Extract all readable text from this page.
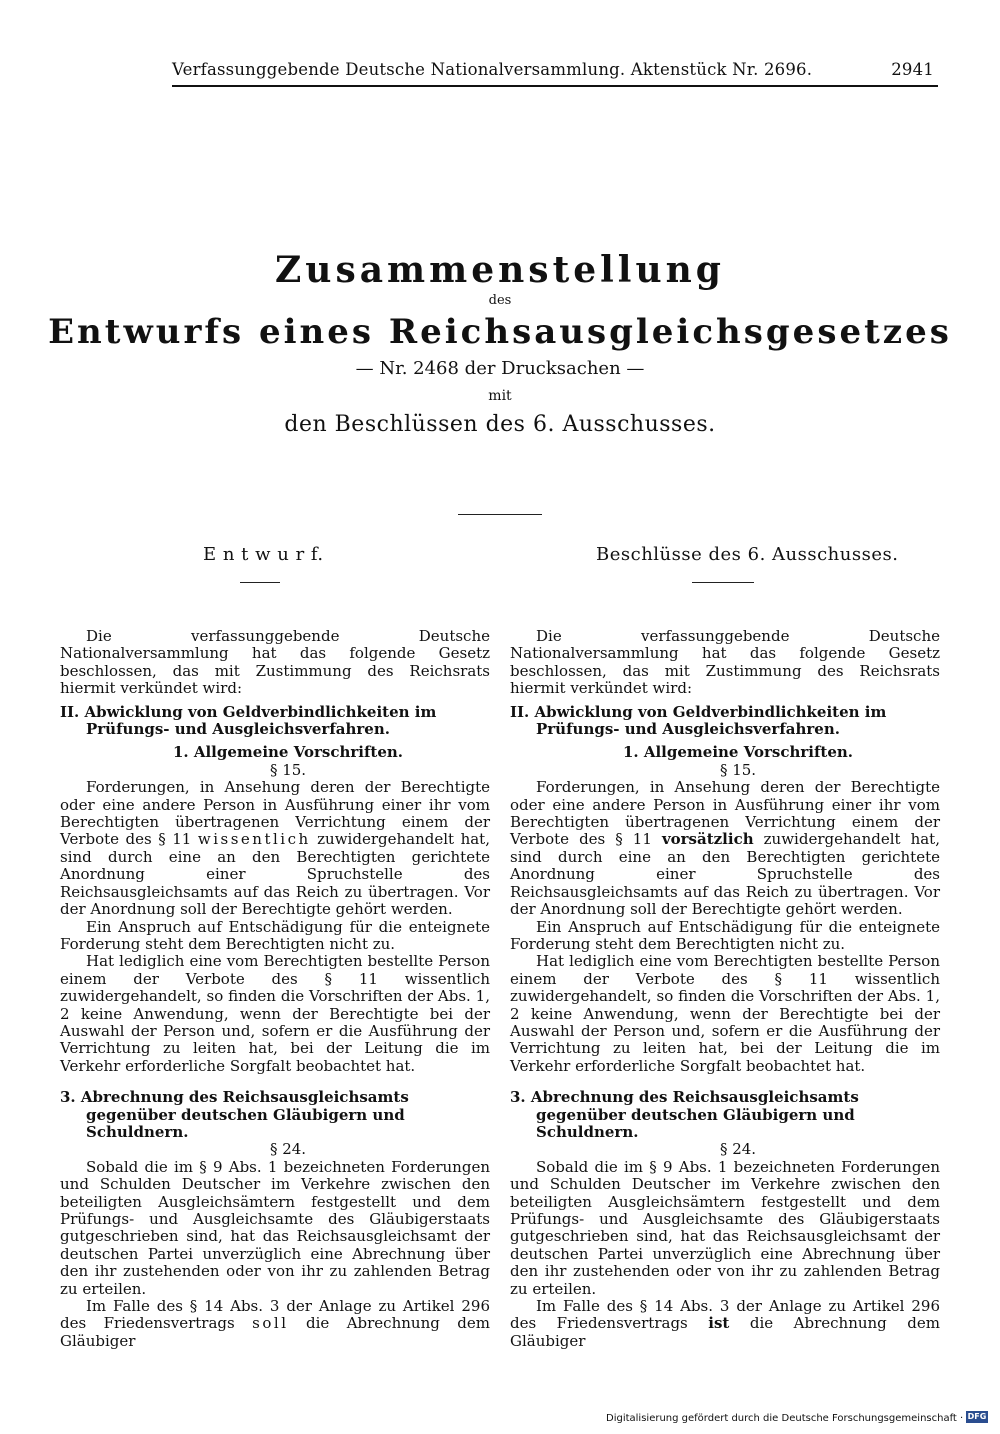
Verfassunggebende Deutsche Nationalversammlung. Aktenstück Nr. 2696.	2941
Zusammenstellung
des
Entwurfs eines Reichsausgleichsgesetzes
— Nr. 2468 der Drucksachen —
mit
den Beschlüssen des 6. Ausschusses.
E n t w u r f.	Beschlüsse des 6. Ausschusses.

Die verfassunggebende Deutsche Nationalversammlung hat das folgende Gesetz beschlossen, das mit Zustimmung des Reichsrats hiermit verkündet wird:

II. Abwicklung von Geldverbindlichkeiten im Prüfungs- und Ausgleichsverfahren.

1. Allgemeine Vorschriften.

§ 15.

Forderungen, in Ansehung deren der Berechtigte oder eine andere Person in Ausführung einer ihr vom Berechtigten übertragenen Verrichtung einem der Verbote des § 11 wissentlich zuwidergehandelt hat, sind durch eine an den Berechtigten gerichtete Anordnung einer Spruchstelle des Reichsausgleichsamts auf das Reich zu übertragen. Vor der Anordnung soll der Berechtigte gehört werden.

Ein Anspruch auf Entschädigung für die enteignete Forderung steht dem Berechtigten nicht zu.

Hat lediglich eine vom Berechtigten bestellte Person einem der Verbote des § 11 wissentlich zuwidergehandelt, so finden die Vorschriften der Abs. 1, 2 keine Anwendung, wenn der Berechtigte bei der Auswahl der Person und, sofern er die Ausführung der Verrichtung zu leiten hat, bei der Leitung die im Verkehr erforderliche Sorgfalt beobachtet hat.

3. Abrechnung des Reichsausgleichsamts gegenüber deutschen Gläubigern und Schuldnern.

§ 24.

Sobald die im § 9 Abs. 1 bezeichneten Forderungen und Schulden Deutscher im Verkehre zwischen den beteiligten Ausgleichsämtern festgestellt und dem Prüfungs- und Ausgleichsamte des Gläubigerstaats gutgeschrieben sind, hat das Reichsausgleichsamt der deutschen Partei unverzüglich eine Abrechnung über den ihr zustehenden oder von ihr zu zahlenden Betrag zu erteilen.

Im Falle des § 14 Abs. 3 der Anlage zu Artikel 296 des Friedensvertrags soll die Abrechnung dem Gläubiger

Die verfassunggebende Deutsche Nationalversammlung hat das folgende Gesetz beschlossen, das mit Zustimmung des Reichsrats hiermit verkündet wird:

II. Abwicklung von Geldverbindlichkeiten im Prüfungs- und Ausgleichsverfahren.

1. Allgemeine Vorschriften.

§ 15.

Forderungen, in Ansehung deren der Berechtigte oder eine andere Person in Ausführung einer ihr vom Berechtigten übertragenen Verrichtung einem der Verbote des § 11 vorsätzlich zuwidergehandelt hat, sind durch eine an den Berechtigten gerichtete Anordnung einer Spruchstelle des Reichsausgleichsamts auf das Reich zu übertragen. Vor der Anordnung soll der Berechtigte gehört werden.

Ein Anspruch auf Entschädigung für die enteignete Forderung steht dem Berechtigten nicht zu.

Hat lediglich eine vom Berechtigten bestellte Person einem der Verbote des § 11 wissentlich zuwidergehandelt, so finden die Vorschriften der Abs. 1, 2 keine Anwendung, wenn der Berechtigte bei der Auswahl der Person und, sofern er die Ausführung der Verrichtung zu leiten hat, bei der Leitung die im Verkehr erforderliche Sorgfalt beobachtet hat.

3. Abrechnung des Reichsausgleichsamts gegenüber deutschen Gläubigern und Schuldnern.

§ 24.

Sobald die im § 9 Abs. 1 bezeichneten Forderungen und Schulden Deutscher im Verkehre zwischen den beteiligten Ausgleichsämtern festgestellt und dem Prüfungs- und Ausgleichsamte des Gläubigerstaats gutgeschrieben sind, hat das Reichsausgleichsamt der deutschen Partei unverzüglich eine Abrechnung über den ihr zustehenden oder von ihr zu zahlenden Betrag zu erteilen.

Im Falle des § 14 Abs. 3 der Anlage zu Artikel 296 des Friedensvertrags ist die Abrechnung dem Gläubiger

Digitalisierung gefördert durch die Deutsche Forschungsgemeinschaft · DFG
